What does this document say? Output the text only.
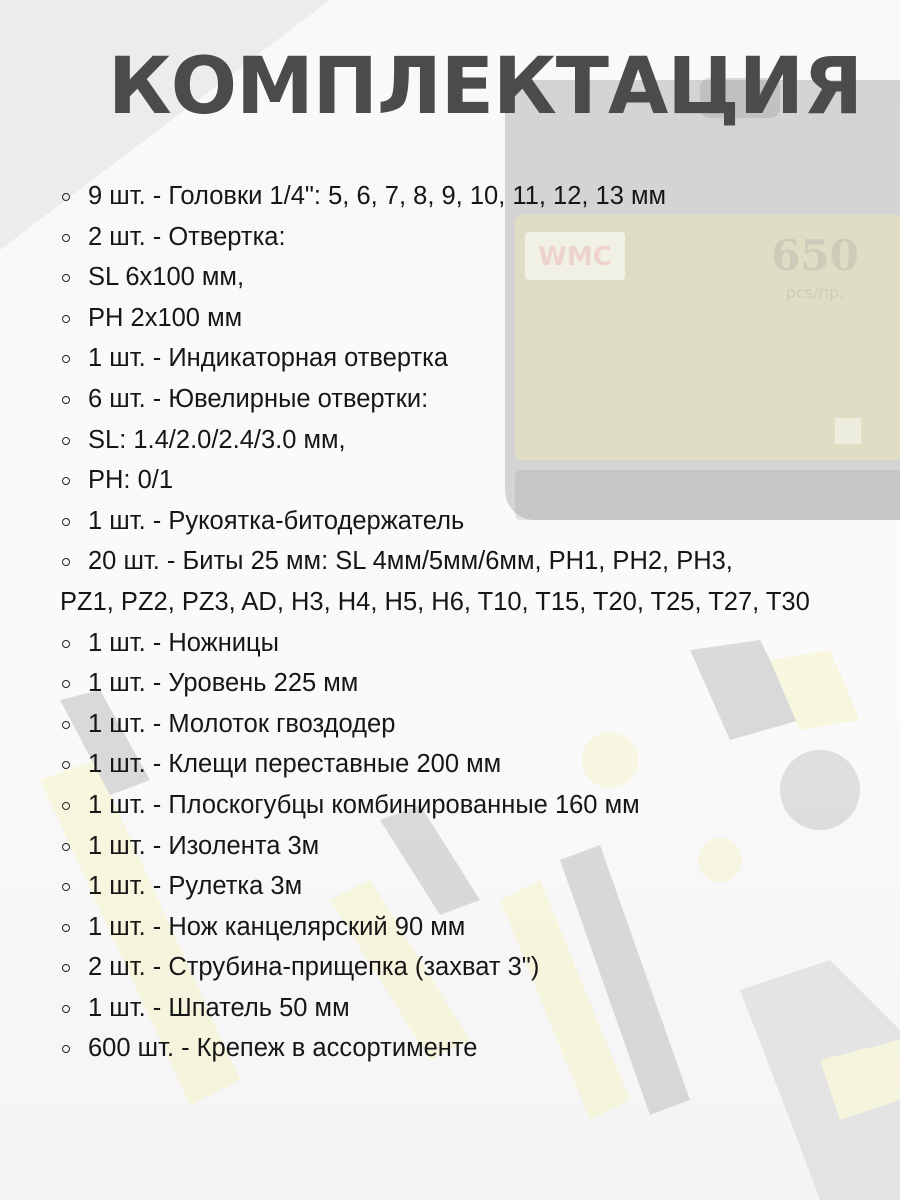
КОМПЛЕКТАЦИЯ
9 шт. - Головки 1/4": 5, 6, 7, 8, 9, 10, 11, 12, 13 мм
2 шт. - Отвертка:
SL 6x100 мм,
PH 2x100 мм
1 шт. - Индикаторная отвертка
6 шт. - Ювелирные отвертки:
SL: 1.4/2.0/2.4/3.0 мм,
PH: 0/1
1 шт. - Рукоятка-битодержатель
20 шт. - Биты 25 мм: SL 4мм/5мм/6мм, PH1, PH2, PH3,
PZ1, PZ2, PZ3, AD, H3, H4, H5, H6, T10, T15, T20, T25, T27, T30
1 шт. - Ножницы
1 шт. - Уровень 225 мм
1 шт. - Молоток гвоздодер
1 шт. - Клещи переставные 200 мм
1 шт. - Плоскогубцы комбинированные 160 мм
1 шт. - Изолента 3м
1 шт. - Рулетка 3м
1 шт. - Нож канцелярский 90 мм
2 шт. - Струбина-прищепка (захват 3")
1 шт. - Шпатель 50 мм
600 шт. - Крепеж в ассортименте
